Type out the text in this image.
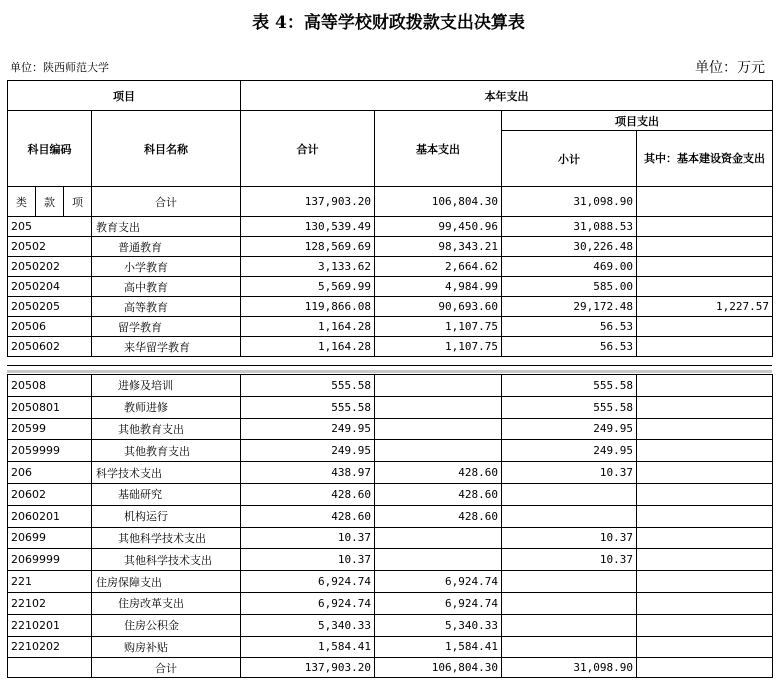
表 4：高等学校财政拨款支出决算表
单位：陕西师范大学	单位：万元
项目				本年支出			
科目编码			科目名称	合计	基本支出	项目支出	
						小计	其中：基本建设资金支出
类	款	项	合计	137,903.20	106,804.30	31,098.90	
205			教育支出	130,539.49	99,450.96	31,088.53	
20502			普通教育	128,569.69	98,343.21	30,226.48	
2050202			小学教育	3,133.62	2,664.62	469.00	
2050204			高中教育	5,569.99	4,984.99	585.00	
2050205			高等教育	119,866.08	90,693.60	29,172.48	1,227.57
20506			留学教育	1,164.28	1,107.75	56.53	
2050602			来华留学教育	1,164.28	1,107.75	56.53	
20508	进修及培训	555.58		555.58	
2050801	教师进修	555.58		555.58	
20599	其他教育支出	249.95		249.95	
2059999	其他教育支出	249.95		249.95	
206	科学技术支出	438.97	428.60	10.37	
20602	基础研究	428.60	428.60		
2060201	机构运行	428.60	428.60		
20699	其他科学技术支出	10.37		10.37	
2069999	其他科学技术支出	10.37		10.37	
221	住房保障支出	6,924.74	6,924.74		
22102	住房改革支出	6,924.74	6,924.74		
2210201	住房公积金	5,340.33	5,340.33		
2210202	购房补贴	1,584.41	1,584.41		
	合计	137,903.20	106,804.30	31,098.90	
